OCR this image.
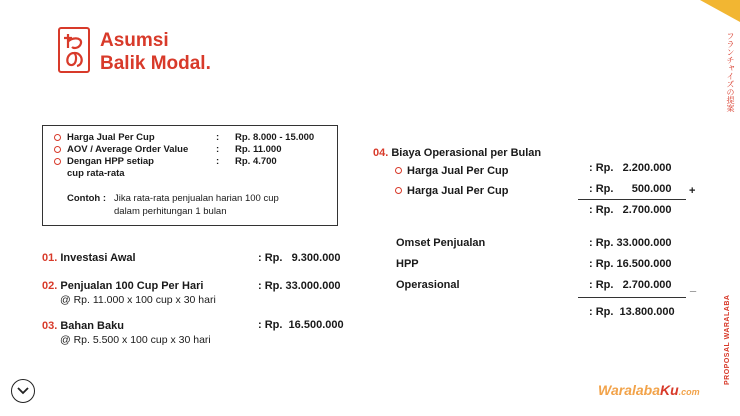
Asumsi
Balik Modal.	フランチャイズの提案
PROPOSAL WARALABA
Harga Jual Per Cup	: Rp. 8.000 - 15.000
AOV / Average Order Value	: Rp. 11.000
Dengan HPP setiap
cup rata-rata
: Rp. 4.700
Contoh : Jika rata-rata penjualan harian 100 cup
dalam perhitungan 1 bulan
01. Investasi Awal	: Rp.   9.300.000
02. Penjualan 100 Cup Per Hari
@ Rp. 11.000 x 100 cup x 30 hari
: Rp. 33.000.000
03. Bahan Baku
@ Rp. 5.500 x 100 cup x 30 hari
: Rp.  16.500.000
04. Biaya Operasional per Bulan
Harga Jual Per Cup	: Rp.   2.200.000
Harga Jual Per Cup	: Rp.      500.000 +
: Rp.   2.700.000
Omset Penjualan	: Rp. 33.000.000
HPP	: Rp. 16.500.000
Operasional	: Rp.   2.700.000 _
: Rp.  13.800.000
WaralabaKu.com
